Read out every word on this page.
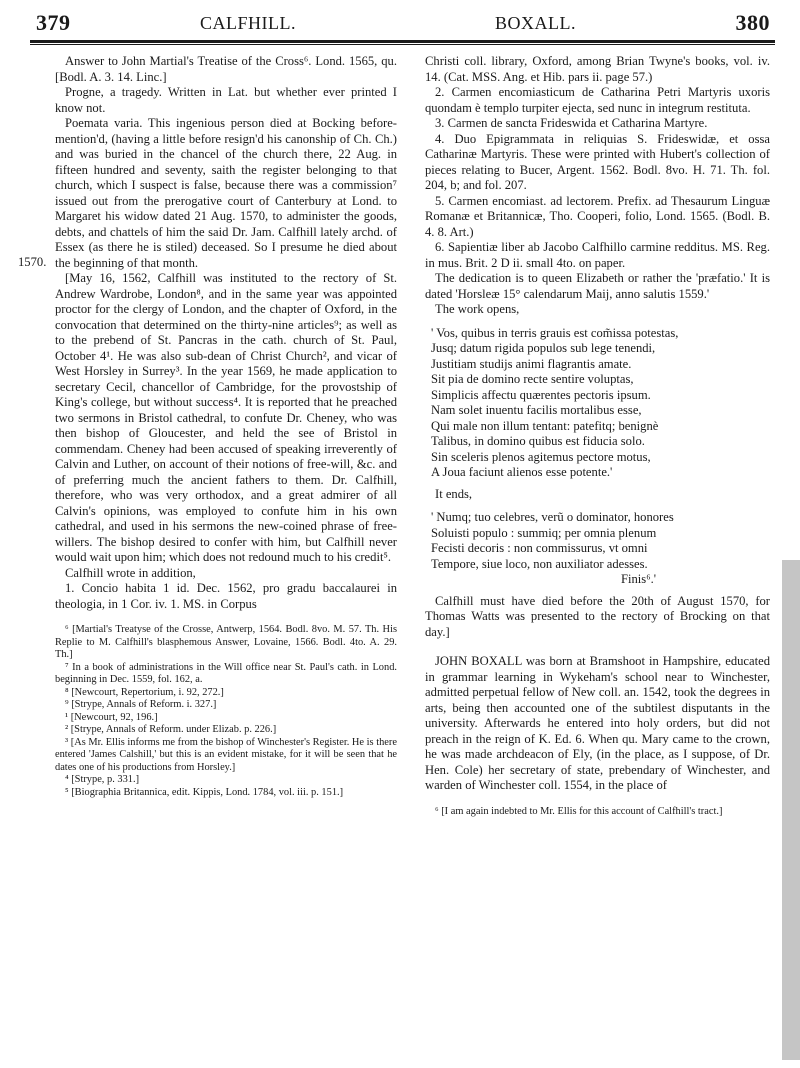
379	CALFHILL.	BOXALL.	380
1570.

Answer to John Martial's Treatise of the Cross⁶. Lond. 1565, qu. [Bodl. A. 3. 14. Linc.]

Progne, a tragedy. Written in Lat. but whether ever printed I know not.

Poemata varia. This ingenious person died at Bocking before-mention'd, (having a little before resign'd his canonship of Ch. Ch.) and was buried in the chancel of the church there, 22 Aug. in fifteen hundred and seventy, saith the register belonging to that church, which I suspect is false, because there was a commission⁷ issued out from the prerogative court of Canterbury at Lond. to Margaret his widow dated 21 Aug. 1570, to administer the goods, debts, and chattels of him the said Dr. Jam. Calfhill lately archd. of Essex (as there he is stiled) deceased. So I presume he died about the beginning of that month.

[May 16, 1562, Calfhill was instituted to the rectory of St. Andrew Wardrobe, London⁸, and in the same year was appointed proctor for the clergy of London, and the chapter of Oxford, in the convocation that determined on the thirty-nine articles⁹; as well as to the prebend of St. Pancras in the cath. church of St. Paul, October 4¹. He was also sub-dean of Christ Church², and vicar of West Horsley in Surrey³. In the year 1569, he made application to secretary Cecil, chancellor of Cambridge, for the provostship of King's college, but without success⁴. It is reported that he preached two sermons in Bristol cathedral, to confute Dr. Cheney, who was then bishop of Gloucester, and held the see of Bristol in commendam. Cheney had been accused of speaking irreverently of Calvin and Luther, on account of their notions of free-will, &c. and of preferring much the ancient fathers to them. Dr. Calfhill, therefore, who was very orthodox, and a great admirer of all Calvin's opinions, was employed to confute him in his own cathedral, and used in his sermons the new-coined phrase of free-willers. The bishop desired to confer with him, but Calfhill never would wait upon him; which does not redound much to his credit⁵.

Calfhill wrote in addition,

1. Concio habita 1 id. Dec. 1562, pro gradu baccalaurei in theologia, in 1 Cor. iv. 1. MS. in Corpus

⁶ [Martial's Treatyse of the Crosse, Antwerp, 1564. Bodl. 8vo. M. 57. Th. His Replie to M. Calfhill's blasphemous Answer, Lovaine, 1566. Bodl. 4to. A. 29. Th.]

⁷ In a book of administrations in the Will office near St. Paul's cath. in Lond. beginning in Dec. 1559, fol. 162, a.

⁸ [Newcourt, Repertorium, i. 92, 272.]

⁹ [Strype, Annals of Reform. i. 327.]

¹ [Newcourt, 92, 196.]

² [Strype, Annals of Reform. under Elizab. p. 226.]

³ [As Mr. Ellis informs me from the bishop of Winchester's Register. He is there entered 'James Calshill,' but this is an evident mistake, for it will be seen that he dates one of his productions from Horsley.]

⁴ [Strype, p. 331.]

⁵ [Biographia Britannica, edit. Kippis, Lond. 1784, vol. iii. p. 151.]

Christi coll. library, Oxford, among Brian Twyne's books, vol. iv. 14. (Cat. MSS. Ang. et Hib. pars ii. page 57.)

2. Carmen encomiasticum de Catharina Petri Martyris uxoris quondam è templo turpiter ejecta, sed nunc in integrum restituta.

3. Carmen de sancta Frideswida et Catharina Martyre.

4. Duo Epigrammata in reliquias S. Frideswidæ, et ossa Catharinæ Martyris. These were printed with Hubert's collection of pieces relating to Bucer, Argent. 1562. Bodl. 8vo. H. 71. Th. fol. 204, b; and fol. 207.

5. Carmen encomiast. ad lectorem. Prefix. ad Thesaurum Linguæ Romanæ et Britannicæ, Tho. Cooperi, folio, Lond. 1565. (Bodl. B. 4. 8. Art.)

6. Sapientiæ liber ab Jacobo Calfhillo carmine redditus. MS. Reg. in mus. Brit. 2 D ii. small 4to. on paper.

The dedication is to queen Elizabeth or rather the 'præfatio.' It is dated 'Horsleæ 15° calendarum Maij, anno salutis 1559.'

The work opens,

' Vos, quibus in terris grauis est com̃issa potestas,
Jusq; datum rigida populos sub lege tenendi,
Justitiam studijs animi flagrantis amate.
Sit pia de domino recte sentire voluptas,
Simplicis affectu quærentes pectoris ipsum.
Nam solet inuentu facilis mortalibus esse,
Qui male non illum tentant: patefitq; benignè
Talibus, in domino quibus est fiducia solo.
Sin sceleris plenos agitemus pectore motus,
A Joua faciunt alienos esse potente.'

It ends,

' Numq; tuo celebres, verũ o dominator, honores
Soluisti populo : summiq; per omnia plenum
Fecisti decoris : non commissurus, vt omni
Tempore, siue loco, non auxiliator adesses.
Finis⁶.'

Calfhill must have died before the 20th of August 1570, for Thomas Watts was presented to the rectory of Brocking on that day.]

JOHN BOXALL was born at Bramshoot in Hampshire, educated in grammar learning in Wykeham's school near to Winchester, admitted perpetual fellow of New coll. an. 1542, took the degrees in arts, being then accounted one of the subtilest disputants in the university. Afterwards he entered into holy orders, but did not preach in the reign of K. Ed. 6. When qu. Mary came to the crown, he was made archdeacon of Ely, (in the place, as I suppose, of Dr. Hen. Cole) her secretary of state, prebendary of Winchester, and warden of Winchester coll. 1554, in the place of

⁶ [I am again indebted to Mr. Ellis for this account of Calfhill's tract.]
